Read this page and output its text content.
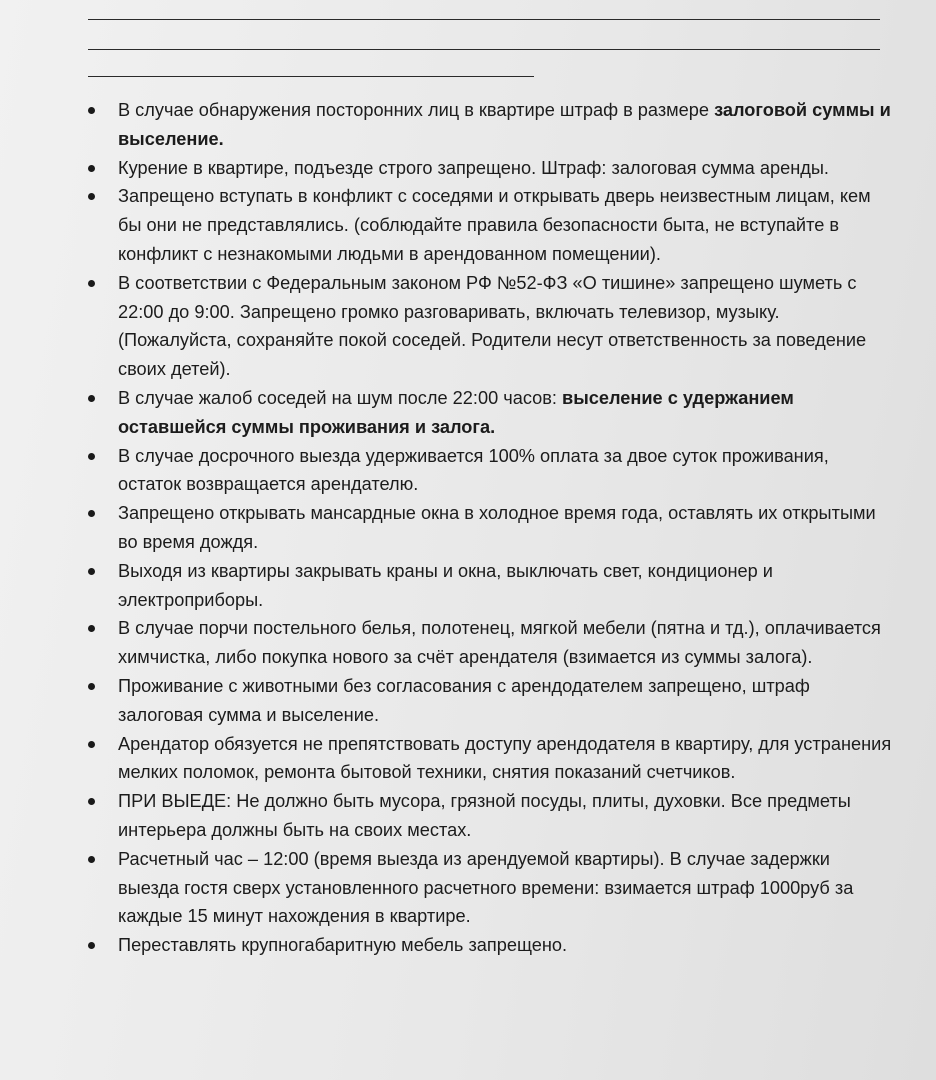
В случае обнаружения посторонних лиц в квартире штраф в размере залоговой суммы и выселение.
Курение в квартире, подъезде строго запрещено. Штраф: залоговая сумма аренды.
Запрещено вступать в конфликт с соседями и открывать дверь неизвестным лицам, кем бы они не представлялись. (соблюдайте правила безопасности быта, не вступайте в конфликт с незнакомыми людьми в арендованном помещении).
В соответствии с Федеральным законом РФ №52-ФЗ «О тишине» запрещено шуметь с 22:00 до 9:00. Запрещено громко разговаривать, включать телевизор, музыку. (Пожалуйста, сохраняйте покой соседей. Родители несут ответственность за поведение своих детей).
В случае жалоб соседей на шум после 22:00 часов: выселение с удержанием оставшейся суммы проживания и залога.
В случае досрочного выезда удерживается 100% оплата за двое суток проживания, остаток возвращается арендателю.
Запрещено открывать мансардные окна в холодное время года, оставлять их открытыми во время дождя.
Выходя из квартиры закрывать краны и окна, выключать свет, кондиционер и электроприборы.
В случае порчи постельного белья, полотенец, мягкой мебели (пятна и тд.), оплачивается химчистка, либо покупка нового за счёт арендателя (взимается из суммы залога).
Проживание с животными без согласования с арендодателем запрещено, штраф залоговая сумма и выселение.
Арендатор обязуется не препятствовать доступу арендодателя в квартиру, для устранения мелких поломок, ремонта бытовой техники, снятия показаний счетчиков.
ПРИ ВЫЕДЕ: Не должно быть мусора, грязной посуды, плиты, духовки. Все предметы интерьера должны быть на своих местах.
Расчетный час – 12:00 (время выезда из арендуемой квартиры). В случае задержки выезда гостя сверх установленного расчетного времени: взимается штраф 1000руб за каждые 15 минут нахождения в квартире.
Переставлять крупногабаритную мебель запрещено.
